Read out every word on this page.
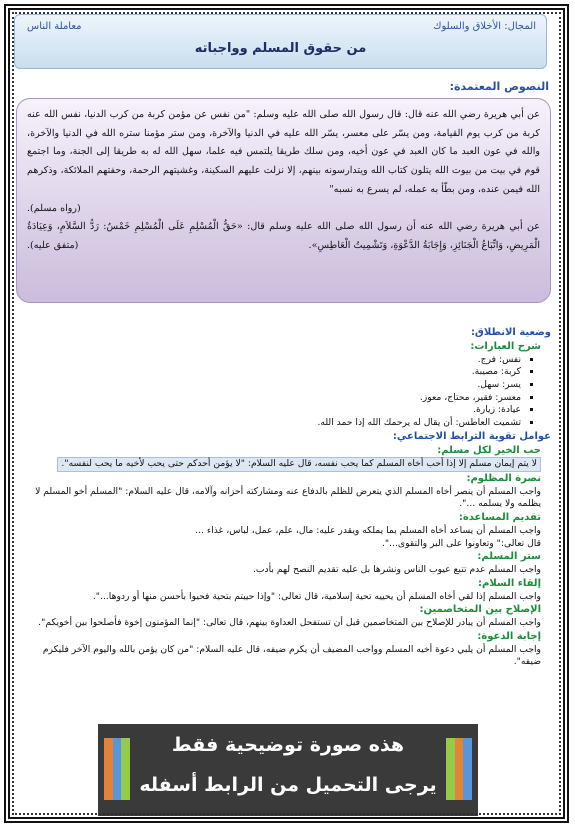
المجال: الأخلاق والسلوك
معاملة الناس
من حقوق المسلم وواجباته
النصوص المعتمدة:

عن أبي هريرة رضي الله عنه قال: قال رسول الله صلى الله عليه وسلم: "من نفس عن مؤمن كربة من كرب الدنيا، نفس الله عنه كربة من كرب يوم القيامة، ومن يسّر على معسر، يسّر الله عليه في الدنيا والآخرة، ومن ستر مؤمنا ستره الله في الدنيا والآخرة، والله في عون العبد ما كان العبد في عون أخيه، ومن سلك طريقا يلتمس فيه علما، سهل الله له به طريقا إلى الجنة، وما اجتمع قوم في بيت من بيوت الله يتلون كتاب الله ويتدارسونه بينهم، إلا نزلت عليهم السكينة، وغشيتهم الرحمة، وحفتهم الملائكة، وذكرهم الله فيمن عنده، ومن بطّأ به عمله، لم يسرع به نسبه"

(رواه مسلم).

عن أبي هريرة رضي الله عنه أن رسول الله صلى الله عليه وسلم قال: «حَقُّ الْمُسْلِمِ عَلَى الْمُسْلِمِ خَمْسٌ: رَدُّ السَّلاَمِ، وَعِيَادَةُ الْمَرِيضِ، وَاتِّبَاعُ الْجَنَائِزِ، وَإِجَابَةُ الدَّعْوَةِ، وَتَشْمِيتُ الْعَاطِسِ».
(متفق عليه).

وضعية الانطلاق:
شرح العبارات:
▪ نفس: فرج.
▪ كربة: مصيبة.
▪ يسر: سهل.
▪ معسر: فقير، محتاج، معوز.
▪ عيادة: زيارة.
▪ تشميت العاطس: أن يقال له يرحمك الله إذا حمد الله.
عوامل تقوية الترابط الاجتماعي:
حب الخير لكل مسلم: لا يتم إيمان مسلم إلا إذا أحب أخاه المسلم كما يحب نفسه، قال عليه السلام: "لا يؤمن أحدكم حتى يحب لأخيه ما يحب لنفسه".
نصرة المظلوم:
واجب المسلم أن ينصر أخاه المسلم الذي يتعرض للظلم بالدفاع عنه ومشاركته أحزانه وآلامه، قال عليه السلام: "المسلم أخو المسلم لا يظلمه ولا يسلمه ...".
تقديم المساعدة:
واجب المسلم أن يساعد أخاه المسلم بما يملكه ويقدر عليه: مال، علم، عمل، لباس، غذاء ...
قال تعالى:" وتعاونوا على البر والتقوى...".
ستر المسلم:
واجب المسلم عدم تتبع عيوب الناس ونشرها بل عليه تقديم النصح لهم بأدب.
إلقاء السلام:
واجب المسلم إذا لقي أخاه المسلم أن يحييه تحية إسلامية، قال تعالى: "وإذا حييتم بتحية فحيوا بأحسن منها أو ردوها...".
الإصلاح بين المتخاصمين:
واجب المسلم أن يبادر للإصلاح بين المتخاصمين قبل أن تستفحل العداوة بينهم، قال تعالى: "إنما المؤمنون إخوة فأصلحوا بين أخويكم".
إجابة الدعوة:
واجب المسلم أن يلبي دعوة أخيه المسلم وواجب المضيف أن يكرم ضيفه، قال عليه السلام: "من كان يؤمن بالله واليوم الآخر فليكرم ضيفه".
هذه صورة توضيحية فقط
يرجى التحميل من الرابط أسفله
